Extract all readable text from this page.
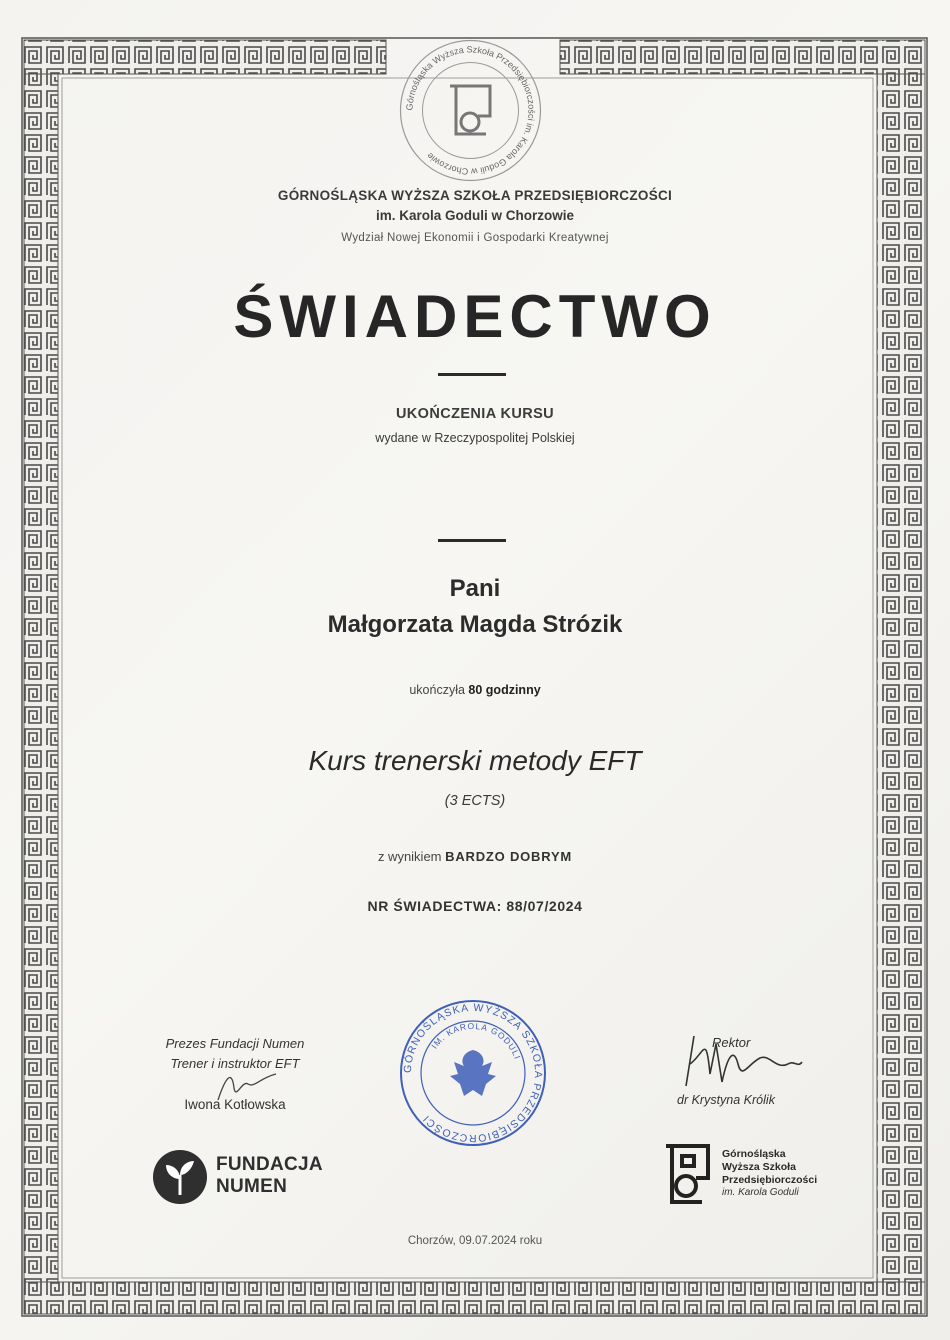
Górnośląska Wyższa Szkoła Przedsiębiorczości im. Karola Goduli w Chorzowie
GÓRNOŚLĄSKA WYŻSZA SZKOŁA PRZEDSIĘBIORCZOŚCI
im. Karola Goduli w Chorzowie
Wydział Nowej Ekonomii i Gospodarki Kreatywnej
ŚWIADECTWO
UKOŃCZENIA KURSU
wydane w Rzeczypospolitej Polskiej
Pani
Małgorzata Magda Strózik
ukończyła 80 godzinny
Kurs trenerski metody EFT
(3 ECTS)
z wynikiem BARDZO DOBRYM
NR ŚWIADECTWA: 88/07/2024
Prezes Fundacji Numen
Trener i instruktor EFT
Iwona Kotłowska
GÓRNOŚLĄSKA WYŻSZA SZKOŁA PRZEDSIĘBIORCZOŚCI
IM. KAROLA GODULI
Rektor
dr Krystyna Królik
FUNDACJA
NUMEN
Górnośląska
Wyższa Szkoła
Przedsiębiorczości
im. Karola Goduli
Chorzów, 09.07.2024 roku
